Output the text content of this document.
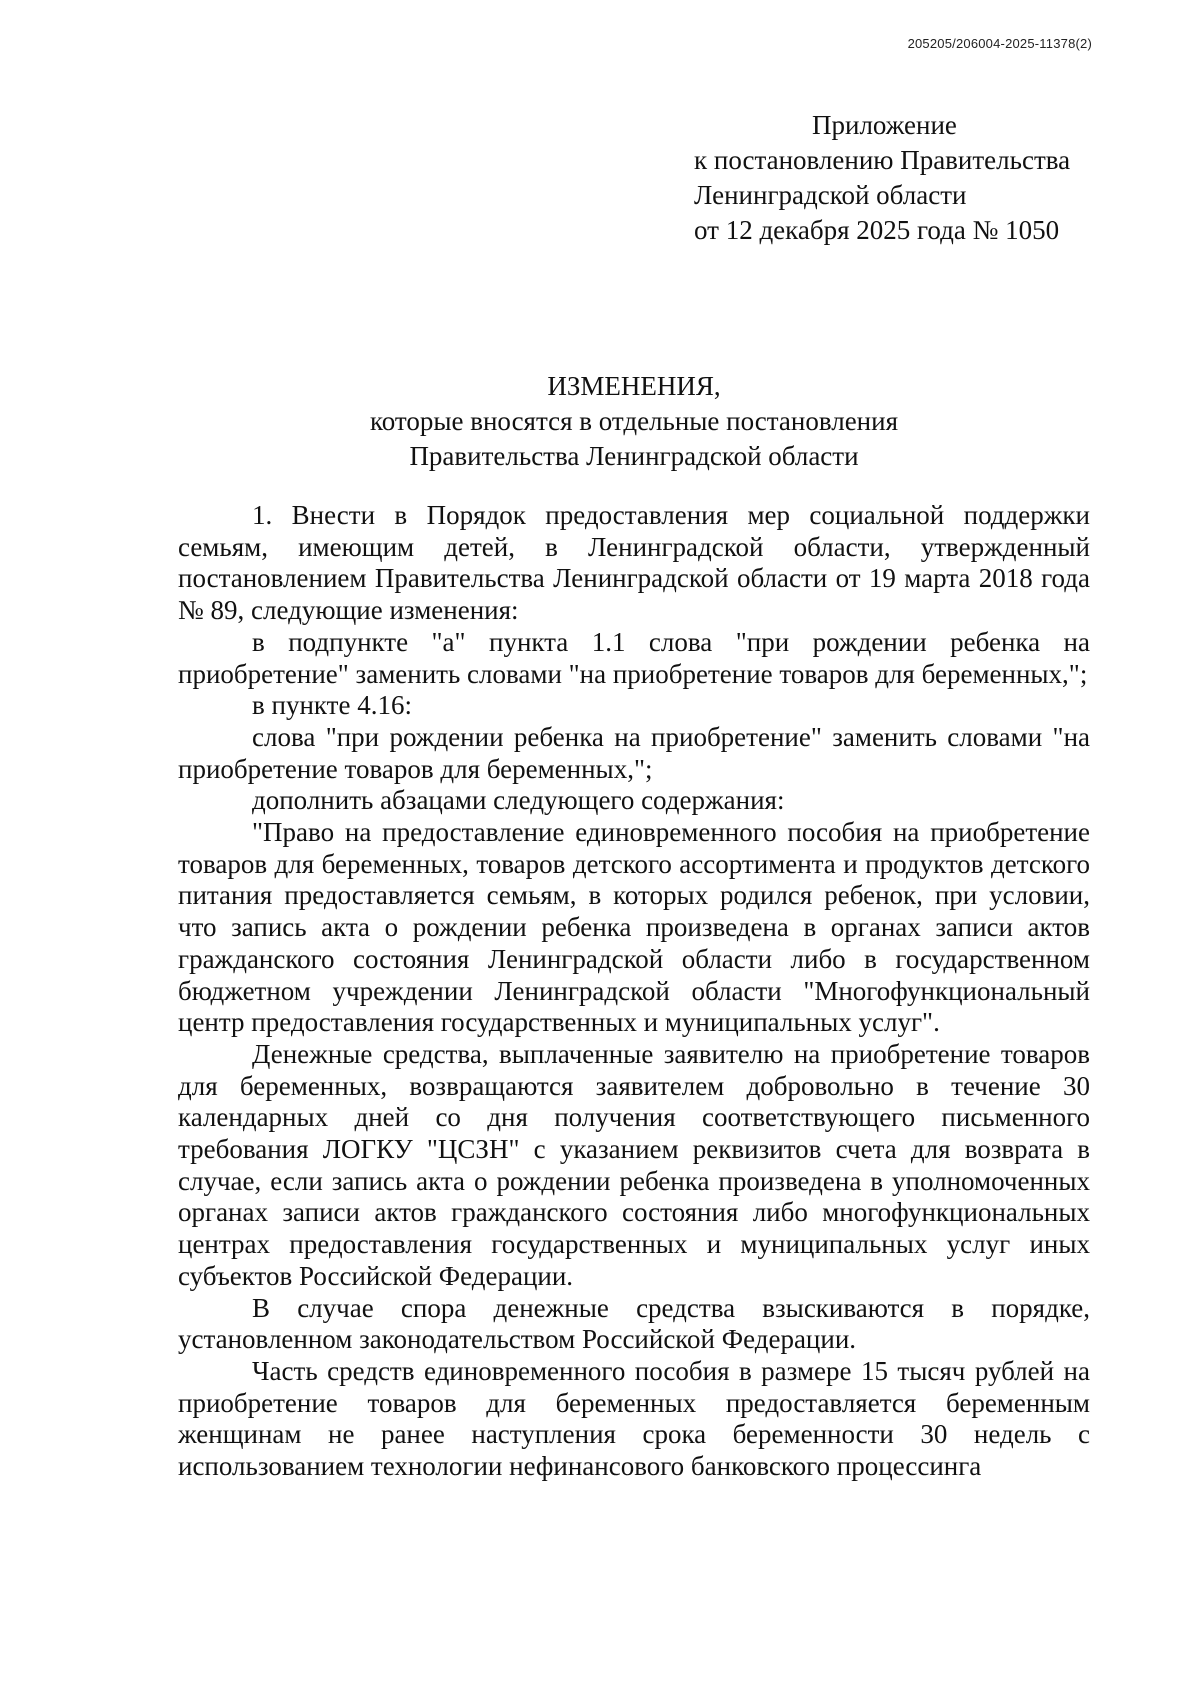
205205/206004-2025-11378(2)
Приложение
к постановлению Правительства
Ленинградской области
от 12 декабря 2025 года № 1050
ИЗМЕНЕНИЯ,
которые вносятся в отдельные постановления
Правительства Ленинградской области

1. Внести в Порядок предоставления мер социальной поддержки семьям, имеющим детей, в Ленинградской области, утвержденный постановлением Правительства Ленинградской области от 19 марта 2018 года № 89, следующие изменения:

в подпункте "а" пункта 1.1 слова "при рождении ребенка на приобретение" заменить словами "на приобретение товаров для беременных,";

в пункте 4.16:

слова "при рождении ребенка на приобретение" заменить словами "на приобретение товаров для беременных,";

дополнить абзацами следующего содержания:

"Право на предоставление единовременного пособия на приобретение товаров для беременных, товаров детского ассортимента и продуктов детского питания предоставляется семьям, в которых родился ребенок, при условии, что запись акта о рождении ребенка произведена в органах записи актов гражданского состояния Ленинградской области либо в государственном бюджетном учреждении Ленинградской области "Многофункциональный центр предоставления государственных и муниципальных услуг".

Денежные средства, выплаченные заявителю на приобретение товаров для беременных, возвращаются заявителем добровольно в течение 30 календарных дней со дня получения соответствующего письменного требования ЛОГКУ "ЦСЗН" с указанием реквизитов счета для возврата в случае, если запись акта о рождении ребенка произведена в уполномоченных органах записи актов гражданского состояния либо многофункциональных центрах предоставления государственных и муниципальных услуг иных субъектов Российской Федерации.

В случае спора денежные средства взыскиваются в порядке, установленном законодательством Российской Федерации.

Часть средств единовременного пособия в размере 15 тысяч рублей на приобретение товаров для беременных предоставляется беременным женщинам не ранее наступления срока беременности 30 недель с использованием технологии нефинансового банковского процессинга
